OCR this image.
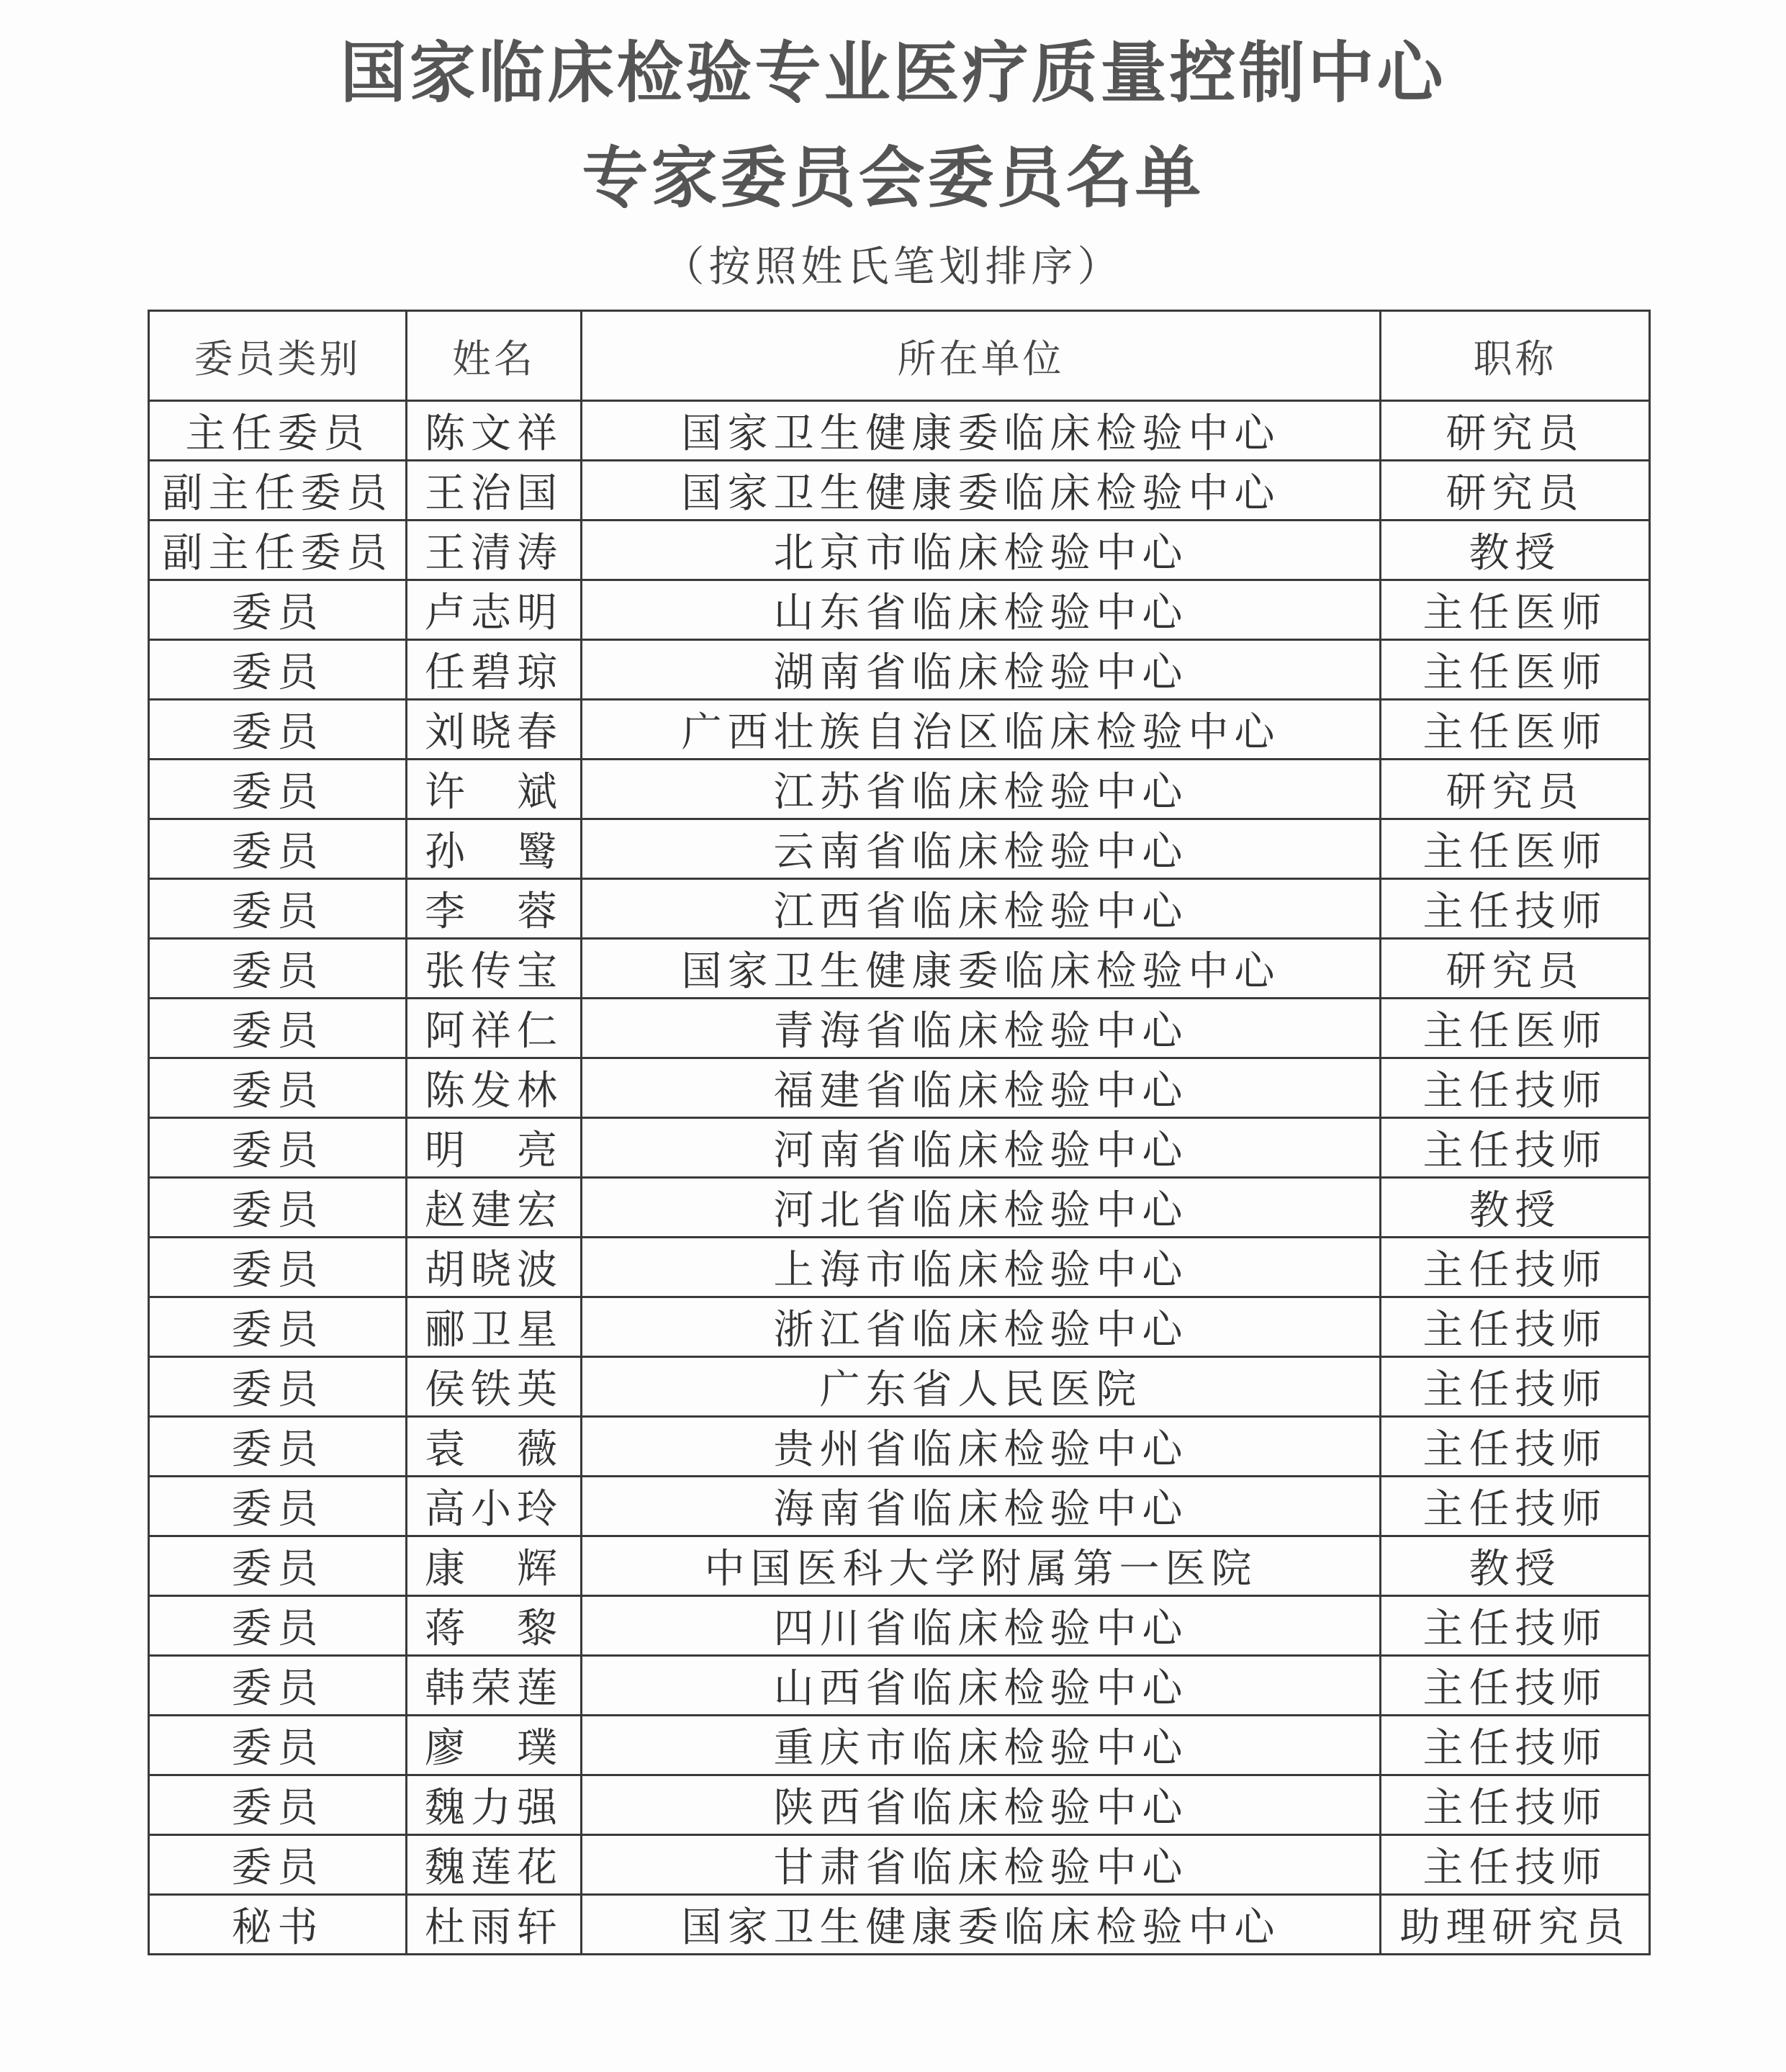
国家临床检验专业医疗质量控制中心
专家委员会委员名单
（按照姓氏笔划排序）
委员类别	姓名	所在单位	职称
主任委员	陈文祥	国家卫生健康委临床检验中心	研究员
副主任委员	王治国	国家卫生健康委临床检验中心	研究员
副主任委员	王清涛	北京市临床检验中心	教授
委员	卢志明	山东省临床检验中心	主任医师
委员	任碧琼	湖南省临床检验中心	主任医师
委员	刘晓春	广西壮族自治区临床检验中心	主任医师
委员	许　斌	江苏省临床检验中心	研究员
委员	孙　鹥	云南省临床检验中心	主任医师
委员	李　蓉	江西省临床检验中心	主任技师
委员	张传宝	国家卫生健康委临床检验中心	研究员
委员	阿祥仁	青海省临床检验中心	主任医师
委员	陈发林	福建省临床检验中心	主任技师
委员	明　亮	河南省临床检验中心	主任技师
委员	赵建宏	河北省临床检验中心	教授
委员	胡晓波	上海市临床检验中心	主任技师
委员	郦卫星	浙江省临床检验中心	主任技师
委员	侯铁英	广东省人民医院	主任技师
委员	袁　薇	贵州省临床检验中心	主任技师
委员	高小玲	海南省临床检验中心	主任技师
委员	康　辉	中国医科大学附属第一医院	教授
委员	蒋　黎	四川省临床检验中心	主任技师
委员	韩荣莲	山西省临床检验中心	主任技师
委员	廖　璞	重庆市临床检验中心	主任技师
委员	魏力强	陕西省临床检验中心	主任技师
委员	魏莲花	甘肃省临床检验中心	主任技师
秘书	杜雨轩	国家卫生健康委临床检验中心	助理研究员
